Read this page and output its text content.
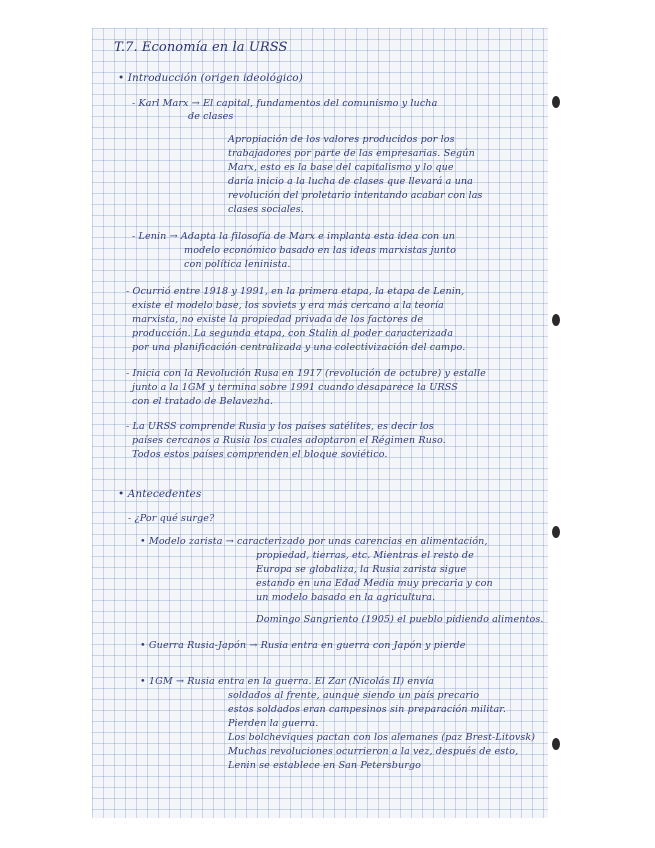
T.7. Economía en la URSS
• Introducción (origen ideológico)
- Karl Marx → El capital, fundamentos del comunismo y lucha
de clases
Apropiación de los valores producidos por los
trabajadores por parte de las empresarias. Según
Marx, esto es la base del capitalismo y lo que
daría inicio a la lucha de clases que llevará a una
revolución del proletario intentando acabar con las
clases sociales.
- Lenin → Adapta la filosofía de Marx e implanta esta idea con un
modelo económico basado en las ideas marxistas junto
con política leninista.
- Ocurrió entre 1918 y 1991, en la primera etapa, la etapa de Lenin,
existe el modelo base, los soviets y era más cercano a la teoría
marxista, no existe la propiedad privada de los factores de
producción. La segunda etapa, con Stalin al poder caracterizada
por una planificación centralizada y una colectivización del campo.
- Inicia con la Revolución Rusa en 1917 (revolución de octubre) y estalle
junto a la 1GM y termina sobre 1991 cuando desaparece la URSS
con el tratado de Belavezha.
- La URSS comprende Rusia y los países satélites, es decir los
países cercanos a Rusia los cuales adoptaron el Régimen Ruso.
Todos estos países comprenden el bloque soviético.
• Antecedentes
- ¿Por qué surge?
• Modelo zarista → caracterizado por unas carencias en alimentación,
propiedad, tierras, etc. Mientras el resto de
Europa se globaliza, la Rusia zarista sigue
estando en una Edad Media muy precaria y con
un modelo basado en la agricultura.
Domingo Sangriento (1905) el pueblo pidiendo alimentos.
• Guerra Rusia-Japón → Rusia entra en guerra con Japón y pierde
• 1GM → Rusia entra en la guerra. El Zar (Nicolás II) envía
soldados al frente, aunque siendo un país precario
estos soldados eran campesinos sin preparación militar.
Pierden la guerra.
Los bolcheviques pactan con los alemanes (paz Brest-Litovsk)
Muchas revoluciones ocurrieron a la vez, después de esto,
Lenin se establece en San Petersburgo
